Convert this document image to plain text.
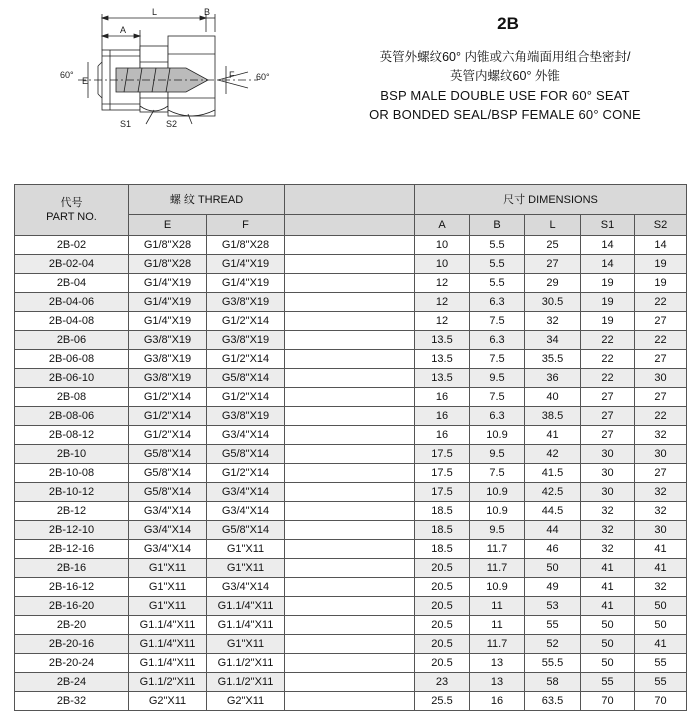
L	B
A
E
60°	F 60°
S1	S2
2B
英管外螺纹60° 内锥或六角端面用组合垫密封/
英管内螺纹60° 外锥
BSP MALE DOUBLE USE FOR 60° SEAT
OR BONDED SEAL/BSP FEMALE 60° CONE
代号
PART NO.	螺 纹 THREAD			尺寸 DIMENSIONS				
	E	F		A	B	L	S1	S2
2B-02	G1/8"X28	G1/8"X28		10	5.5	25	14	14
2B-02-04	G1/8"X28	G1/4"X19		10	5.5	27	14	19
2B-04	G1/4"X19	G1/4"X19		12	5.5	29	19	19
2B-04-06	G1/4"X19	G3/8"X19		12	6.3	30.5	19	22
2B-04-08	G1/4"X19	G1/2"X14		12	7.5	32	19	27
2B-06	G3/8"X19	G3/8"X19		13.5	6.3	34	22	22
2B-06-08	G3/8"X19	G1/2"X14		13.5	7.5	35.5	22	27
2B-06-10	G3/8"X19	G5/8"X14		13.5	9.5	36	22	30
2B-08	G1/2"X14	G1/2"X14		16	7.5	40	27	27
2B-08-06	G1/2"X14	G3/8"X19		16	6.3	38.5	27	22
2B-08-12	G1/2"X14	G3/4"X14		16	10.9	41	27	32
2B-10	G5/8"X14	G5/8"X14		17.5	9.5	42	30	30
2B-10-08	G5/8"X14	G1/2"X14		17.5	7.5	41.5	30	27
2B-10-12	G5/8"X14	G3/4"X14		17.5	10.9	42.5	30	32
2B-12	G3/4"X14	G3/4"X14		18.5	10.9	44.5	32	32
2B-12-10	G3/4"X14	G5/8"X14		18.5	9.5	44	32	30
2B-12-16	G3/4"X14	G1"X11		18.5	11.7	46	32	41
2B-16	G1"X11	G1"X11		20.5	11.7	50	41	41
2B-16-12	G1"X11	G3/4"X14		20.5	10.9	49	41	32
2B-16-20	G1"X11	G1.1/4"X11		20.5	11	53	41	50
2B-20	G1.1/4"X11	G1.1/4"X11		20.5	11	55	50	50
2B-20-16	G1.1/4"X11	G1"X11		20.5	11.7	52	50	41
2B-20-24	G1.1/4"X11	G1.1/2"X11		20.5	13	55.5	50	55
2B-24	G1.1/2"X11	G1.1/2"X11		23	13	58	55	55
2B-32	G2"X11	G2"X11		25.5	16	63.5	70	70
